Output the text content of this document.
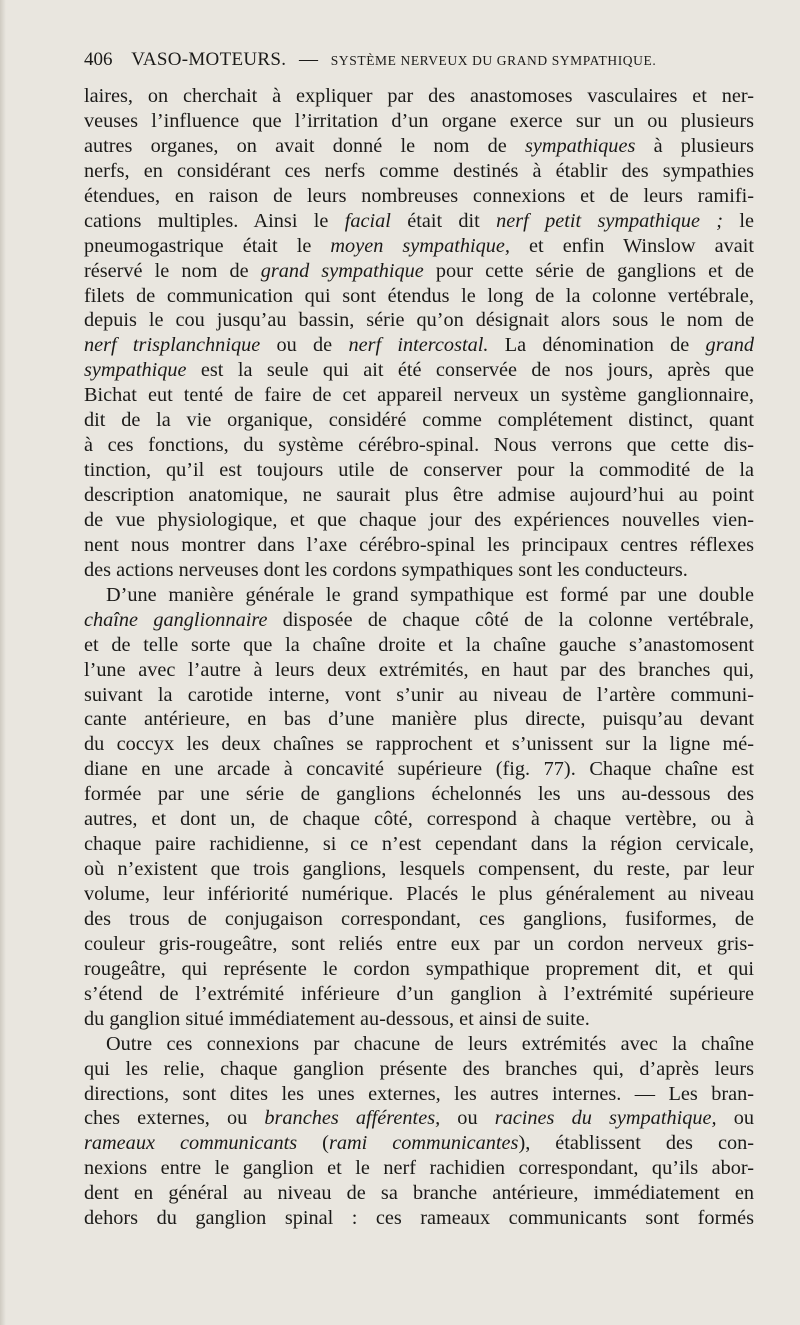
406 VASO-MOTEURS. — SYSTÈME NERVEUX DU GRAND SYMPATHIQUE.
laires, on cherchait à expliquer par des anastomoses vasculaires et ner-
veuses l’influence que l’irritation d’un organe exerce sur un ou plusieurs
autres organes, on avait donné le nom de sympathiques à plusieurs
nerfs, en considérant ces nerfs comme destinés à établir des sympathies
étendues, en raison de leurs nombreuses connexions et de leurs ramifi-
cations multiples. Ainsi le facial était dit nerf petit sympathique ; le
pneumogastrique était le moyen sympathique, et enfin Winslow avait
réservé le nom de grand sympathique pour cette série de ganglions et de
filets de communication qui sont étendus le long de la colonne vertébrale,
depuis le cou jusqu’au bassin, série qu’on désignait alors sous le nom de
nerf trisplanchnique ou de nerf intercostal. La dénomination de grand
sympathique est la seule qui ait été conservée de nos jours, après que
Bichat eut tenté de faire de cet appareil nerveux un système ganglionnaire,
dit de la vie organique, considéré comme complétement distinct, quant
à ces fonctions, du système cérébro-spinal. Nous verrons que cette dis-
tinction, qu’il est toujours utile de conserver pour la commodité de la
description anatomique, ne saurait plus être admise aujourd’hui au point
de vue physiologique, et que chaque jour des expériences nouvelles vien-
nent nous montrer dans l’axe cérébro-spinal les principaux centres réflexes
des actions nerveuses dont les cordons sympathiques sont les conducteurs.
D’une manière générale le grand sympathique est formé par une double
chaîne ganglionnaire disposée de chaque côté de la colonne vertébrale,
et de telle sorte que la chaîne droite et la chaîne gauche s’anastomosent
l’une avec l’autre à leurs deux extrémités, en haut par des branches qui,
suivant la carotide interne, vont s’unir au niveau de l’artère communi-
cante antérieure, en bas d’une manière plus directe, puisqu’au devant
du coccyx les deux chaînes se rapprochent et s’unissent sur la ligne mé-
diane en une arcade à concavité supérieure (fig. 77). Chaque chaîne est
formée par une série de ganglions échelonnés les uns au-dessous des
autres, et dont un, de chaque côté, correspond à chaque vertèbre, ou à
chaque paire rachidienne, si ce n’est cependant dans la région cervicale,
où n’existent que trois ganglions, lesquels compensent, du reste, par leur
volume, leur infériorité numérique. Placés le plus généralement au niveau
des trous de conjugaison correspondant, ces ganglions, fusiformes, de
couleur gris-rougeâtre, sont reliés entre eux par un cordon nerveux gris-
rougeâtre, qui représente le cordon sympathique proprement dit, et qui
s’étend de l’extrémité inférieure d’un ganglion à l’extrémité supérieure
du ganglion situé immédiatement au-dessous, et ainsi de suite.
Outre ces connexions par chacune de leurs extrémités avec la chaîne
qui les relie, chaque ganglion présente des branches qui, d’après leurs
directions, sont dites les unes externes, les autres internes. — Les bran-
ches externes, ou branches afférentes, ou racines du sympathique, ou
rameaux communicants (rami communicantes), établissent des con-
nexions entre le ganglion et le nerf rachidien correspondant, qu’ils abor-
dent en général au niveau de sa branche antérieure, immédiatement en
dehors du ganglion spinal : ces rameaux communicants sont formés
